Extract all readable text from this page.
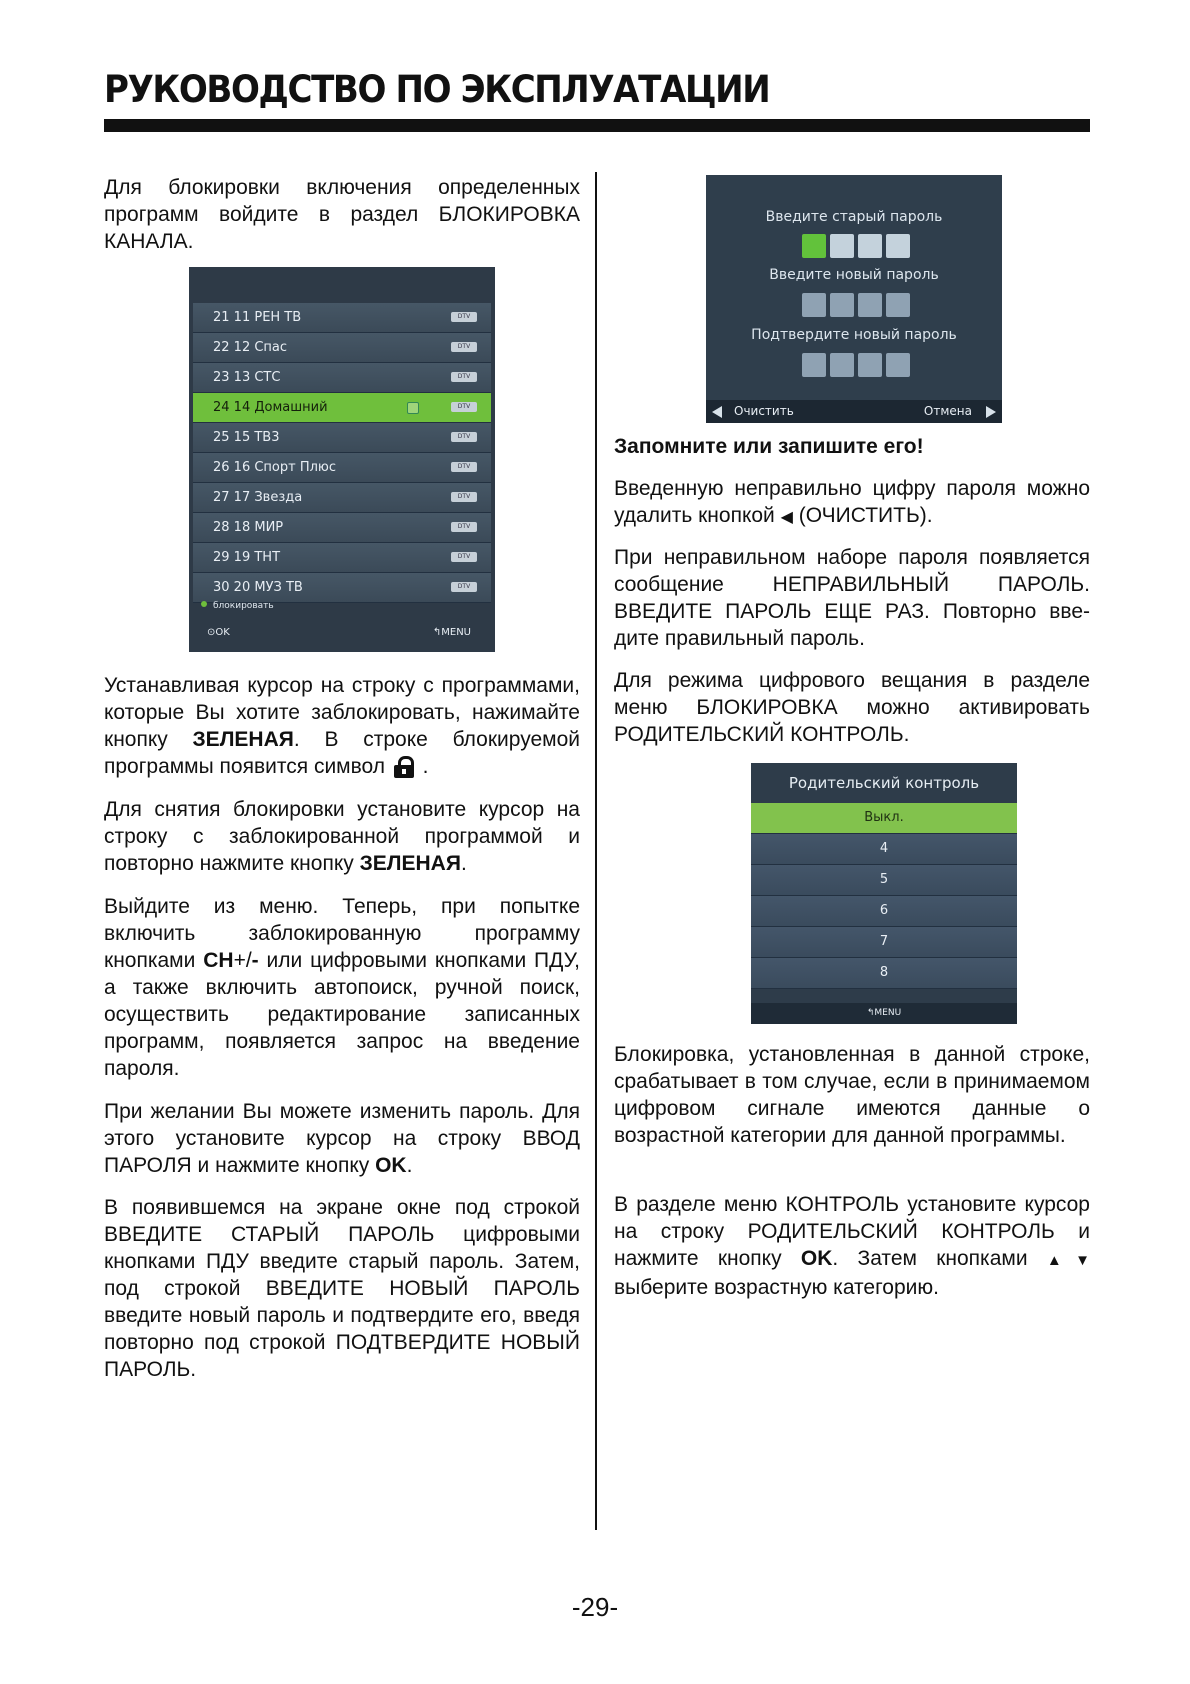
РУКОВОДСТВО ПО ЭКСПЛУАТАЦИИ

Для блокировки включения определенных программ войдите в раздел БЛОКИРОВКА КАНАЛА.

21 11 РЕН ТВ	DTV
22 12 Спас	DTV
23 13 СТС	DTV
24 14 Домашний	DTV
25 15 ТВ3	DTV
26 16 Спорт Плюс	DTV
27 17 Звезда	DTV
28 18 МИР	DTV
29 19 ТНТ	DTV
30 20 МУЗ ТВ	DTV
блокировать
⊙OK	↰MENU

Устанавливая курсор на строку с программами, которые Вы хотите заблокировать, нажимайте кнопку ЗЕЛЕНАЯ. В строке блокируемой программы появится символ
.

Для снятия блокировки установите курсор на строку с заблокированной программой и повторно нажмите кнопку ЗЕЛЕНАЯ.

Выйдите из меню. Теперь, при попытке включить заблокированную программу кнопками CH+/- или цифровыми кнопками ПДУ, а также включить автопоиск, ручной поиск, осуществить редактирование записанных программ, появляется запрос на введение пароля.

При желании Вы можете изменить пароль. Для этого установите курсор на строку ВВОД ПАРОЛЯ и нажмите кнопку OK.

В появившемся на экране окне под строкой ВВЕДИТЕ СТАРЫЙ ПАРОЛЬ цифровыми кнопками ПДУ введите старый пароль. Затем, под строкой ВВЕДИТЕ НОВЫЙ ПАРОЛЬ введите новый пароль и подтвердите его, введя повторно под строкой ПОДТВЕРДИТЕ НОВЫЙ ПАРОЛЬ.

Введите старый пароль
Введите новый пароль
Подтвердите новый пароль
Очистить	Отмена

Запомните или запишите его!

Введенную неправильно цифру пароля можно удалить кнопкой ◀ (ОЧИСТИТЬ).

При неправильном наборе пароля появляется сообщение НЕПРАВИЛЬНЫЙ ПАРОЛЬ. ВВЕДИТЕ ПАРОЛЬ ЕЩЕ РАЗ. Повторно введите правильный пароль.

Для режима цифрового вещания в разделе меню БЛОКИРОВКА можно активировать РОДИТЕЛЬСКИЙ КОНТРОЛЬ.

Родительский контроль
Выкл.
4
5
6
7
8
↰MENU

Блокировка, установленная в данной строке, срабатывает в том случае, если в принимаемом цифровом сигнале имеются данные о возрастной категории для данной программы.

В разделе меню КОНТРОЛЬ установите курсор на строку РОДИТЕЛЬСКИЙ КОНТРОЛЬ и нажмите кнопку OK. Затем кнопками ▲▼ выберите возрастную категорию.

-29-
